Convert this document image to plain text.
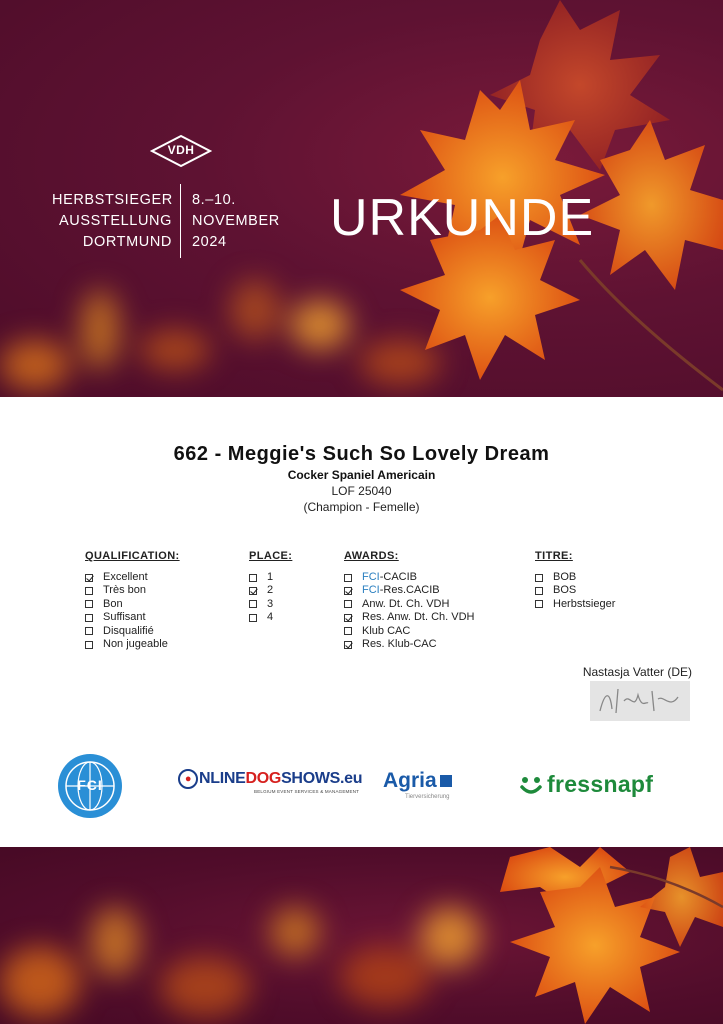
VDH
HERBSTSIEGER
AUSSTELLUNG
DORTMUND
8.–10.
NOVEMBER
2024	URKUNDE
662 - Meggie's Such So Lovely Dream
Cocker Spaniel Americain
LOF 25040
(Champion - Femelle)
QUALIFICATION:
Excellent
Très bon
Bon
Suffisant
Disqualifié
Non jugeable
PLACE:
1
2
3
4
AWARDS:
FCI -CACIB
FCI -Res.CACIB
Anw. Dt. Ch. VDH
Res. Anw. Dt. Ch. VDH
Klub CAC
Res. Klub-CAC
TITRE:
BOB
BOS
Herbstsieger
Nastasja Vatter (DE)
FCI	● NLINE DOG SHOWS .eu
BELGIUM EVENT SERVICES & MANAGEMENT Agria
Tierversicherung	fressnapf
